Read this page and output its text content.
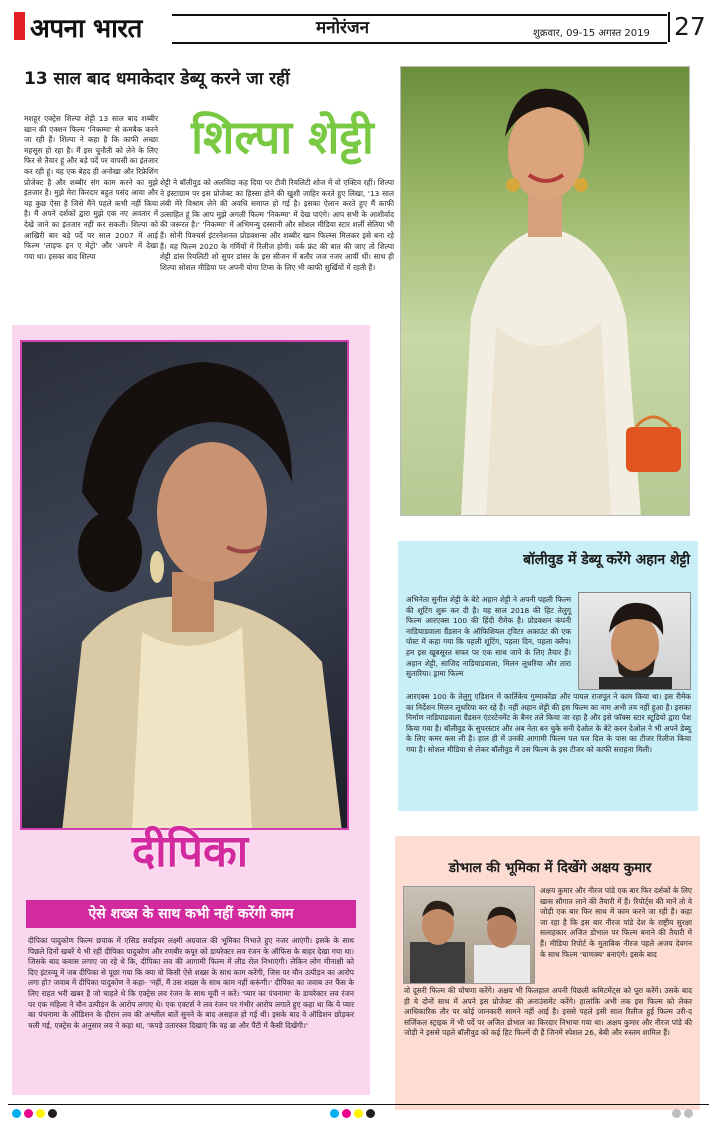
अपना भारत	मनोरंजन	शुक्रवार, 09-15 अगस्त 2019 27
13 साल बाद धमाकेदार डेब्यू करने जा रहीं

मशहूर एक्ट्रेस शिल्पा शेट्टी 13 साल बाद शब्बीर खान की एक्शन फिल्म 'निकम्मा' से कमबैक करने जा रही हैं। शिल्पा ने कहा है कि काफी अच्छा महसूस हो रहा है। मैं इस चुनौती को लेने के लिए फिर से तैयार हूं और बड़े पर्दे पर वापसी का इंतजार कर रही हूं। यह एक बेहद ही अनोखा और रिफ्रेशिंग प्रोजेक्ट है और शब्बीर संग काम करने का मुझे इंतजार है। मुझे मेरा किरदार बहुत पसंद आया और यह कुछ ऐसा है जिसे मैंने पहले कभी नहीं किया है। मैं अपने दर्शकों द्वारा मुझे एक नए अवतार में देखे जाने का इंतजार नहीं कर सकती। शिल्पा को आखिरी बार बड़े पर्दे पर साल 2007 में आई फिल्म 'लाइफ इन ए मेट्रो' और 'अपने' में देखा गया था। इसका बाद शिल्पा

शिल्पा शेट्टी

शेट्टी ने बॉलीवुड को अलविदा कह दिया पर टीवी रियलिटी शोज में वो एक्टिव रहीं। शिल्पा ने इंस्टाग्राम पर इस प्रोजेक्ट का हिस्सा होने की खुशी जाहिर करते हुए लिखा, '13 साल लंबी मेरे विश्राम लेने की अवधि समाप्त हो गई है। इसका ऐलान करते हुए मैं काफी उत्साहित हूं कि आप मुझे अगली फिल्म 'निकम्मा' में देख पाएंगे। आप सभी के आशीर्वाद की जरूरत है।' 'निकम्मा' में अभिमन्यु दस्सानी और सोशल मीडिया स्टार शर्ली सेतिया भी हैं। सोनी पिक्चर्स इंटरनेशनल प्रोडक्शन्स और शब्बीर खान फिल्म्स मिलकर इसे बना रहे हैं। यह फिल्म 2020 के गर्मियों में रिलीज होगी। वर्क फ्रंट की बात की जाए तो शिल्पा शेट्टी डांस रियलिटी शो सुपर डांसर के इस सीजन में बतौर जज नजर आयीं थीं। साथ ही शिल्पा सोशल मीडिया पर अपनी योगा टिप्स के लिए भी काफी सुर्खियों में रहती हैं।

दीपिका
ऐसे शख्स के साथ कभी नहीं करेंगी काम

दीपिका पादुकोण फिल्म छपाक में एसिड सर्वाइवर लक्ष्मी अग्रवाल की भूमिका निभाते हुए नजर आएंगी। इसके के साथ पिछले दिनों खबरें ये भी रहीं दीपिका पादुकोण और रणबीर कपूर को डायरेक्टर लव रंजन के ऑफिस के बाहर देखा गया था। जिसके बाद कयास लगाए जा रहे थे कि, दीपिका लव की आगामी फिल्म में लीड रोल निभाएंगी। लेकिन लोग मीनाक्षी को दिए इंटरव्यू में जब दीपिका से पूछा गया कि क्या वो किसी ऐसे शख्स के साथ काम करेंगी, जिस पर यौन उत्पीड़न का आरोप लगा हो? जवाब में दीपिका पादुकोण ने कहा- 'नहीं, मैं उस शख्स के साथ काम नहीं करूंगी।' दीपिका का जवाब उन फैंस के लिए राहत भरी खबर है जो चाहते थे कि एक्ट्रेस लव रंजन के साथ मूवी न करें। 'प्यार का पंचनामा' के डायरेक्टर लव रंजन पर एक महिला ने यौन उत्पीड़न के आरोप लगाए थे। एक एक्टर्स ने लव रंजन पर गंभीर आरोप लगाते हुए कहा था कि ये प्यार का पंचनामा के ऑडिशन के दौरान लव की अश्लील बातें सुनने के बाद असहज हो गई थी। इसके बाद वे ऑडिशन छोड़कर चली गई, एक्ट्रेस के अनुसार लव ने कहा था, 'कपड़े उतारकर दिखाएं कि वह ब्रा और पैंटी में कैसी दिखेंगी।'

बॉलीवुड में डेब्यू करेंगे अहान शेट्टी

अभिनेता सुनील शेट्टी के बेटे अहान शेट्टी ने अपनी पहली फिल्म की शूटिंग शुरू कर दी है। यह साल 2018 की हिट तेलुगू फिल्म आरएक्स 100 की हिंदी रीमेक है। प्रोडक्शन कंपनी नाडियाडवाला ग्रैंडसन के ऑफिशियल ट्विटर अकाउंट की एक पोस्ट में कहा गया कि पहली शूटिंग, पहला दिन, पहला क्लैप। हम इस खूबसूरत सफर पर एक साथ जाने के लिए तैयार हैं। अहान शेट्टी, साजिद नाडियाडवाला, मिलन लूथरिया और तारा सुतारिया। ड्रामा फिल्म

आरएक्स 100 के तेलुगु एडिशन में कार्तिकेय गुम्माकोंडा और पायल राजपूत ने काम किया था। इस रीमेक का निर्देशन मिलन लूथरिया कर रहे हैं। नहीं अहान शेट्टी की इस फिल्म का नाम अभी तय नहीं हुआ है। इसका निर्माण नाडियाडवाला ग्रैंडसन एंटरटेनमेंट के बैनर तले किया जा रहा है और इसे फॉक्स स्टार स्टूडियो द्वारा पेश किया गया है। बॉलीवुड के सुपरस्टार और अब नेता बन चुके सनी देओल के बेटे करन देओल ने भी अपने डेब्यू के लिए कमर कस ली है। हाल ही में उनकी आगामी फिल्म पल पल दिल के पास का टीजर रिलीज किया गया है। सोशल मीडिया से लेकर बॉलीवुड में उस फिल्म के इस टीजर को काफी सराहना मिली।

डोभाल की भूमिका में दिखेंगे अक्षय कुमार

अक्षय कुमार और नीरज पांडे एक बार फिर दर्शकों के लिए खास सौगात लाने की तैयारी में हैं। रिपोर्ट्स की मानें तो ये जोड़ी एक बार फिर साथ में काम करने जा रही है। कहा जा रहा है कि इस बार नीरज पांडे देश के राष्ट्रीय सुरक्षा सलाहकार अजित डोभाल पर फिल्म बनाने की तैयारी में हैं। मीडिया रिपोर्ट के मुताबिक नीरज पहले अजय देवगन के साथ फिल्म 'चाणक्य' बनाएंगे। इसके बाद

वो दूसरी फिल्म की घोषणा करेंगे। अक्षय भी फिलहाल अपनी पिछली कमिटमेंट्स को पूरा करेंगे। उसके बाद ही ये दोनों साथ में अपने इस प्रोजेक्ट की अनाउंसमेंट करेंगे। हालांकि अभी तक इस फिल्म को लेकर आधिकारिक तौर पर कोई जानकारी सामने नहीं आई है। इससे पहले इसी साल रिलीज हुई फिल्म उरी-द सर्जिकल स्ट्राइक में भी पर्दे पर अजित डोभाल का किरदार निभाया गया था। अक्षय कुमार और नीरज पांडे की जोड़ी ने इससे पहले बॉलीवुड को कई हिट फिल्में दी हैं जिनमें स्पेशल 26, बेबी और रुस्तम शामिल हैं।
